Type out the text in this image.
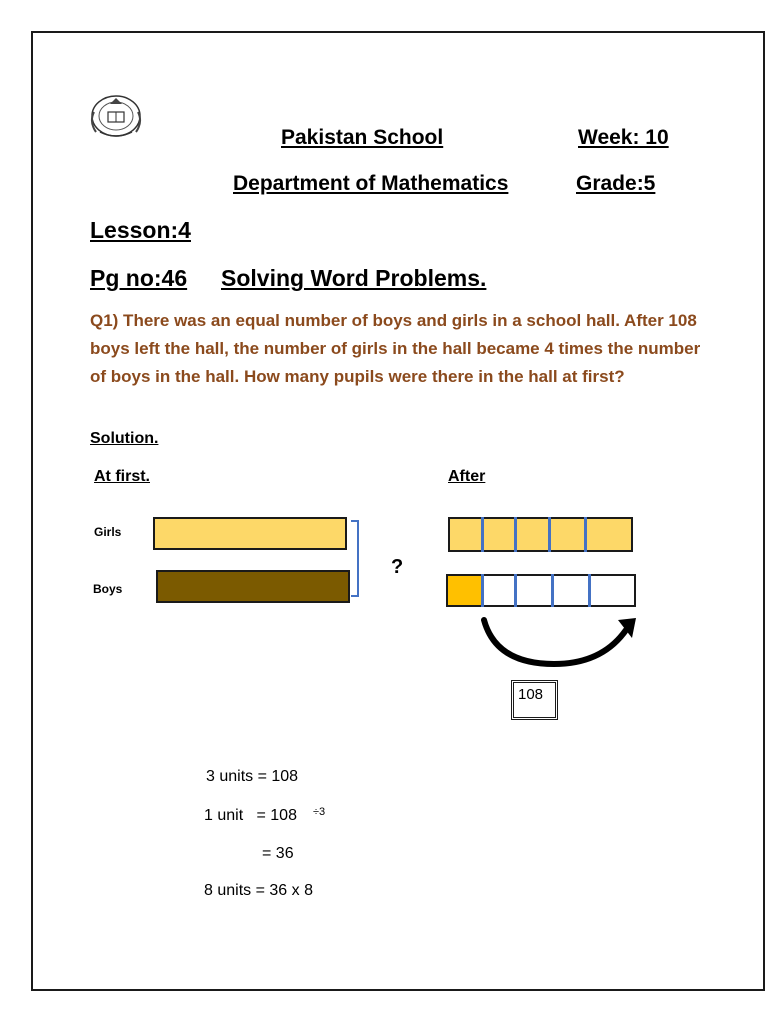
Pakistan School	Week: 10
Department of Mathematics	Grade:5
Lesson:4
Pg no:46 Solving Word Problems.
Q1) There was an equal number of boys and girls in a school hall. After 108 boys left the hall, the number of girls in the hall became 4 times the number of boys in the hall. How many pupils were there in the hall at first?
Solution.
At first.	After
Girls
Boys
?
108
3 units = 108
1 unit   = 108 ÷3
= 36
8 units = 36 x 8
